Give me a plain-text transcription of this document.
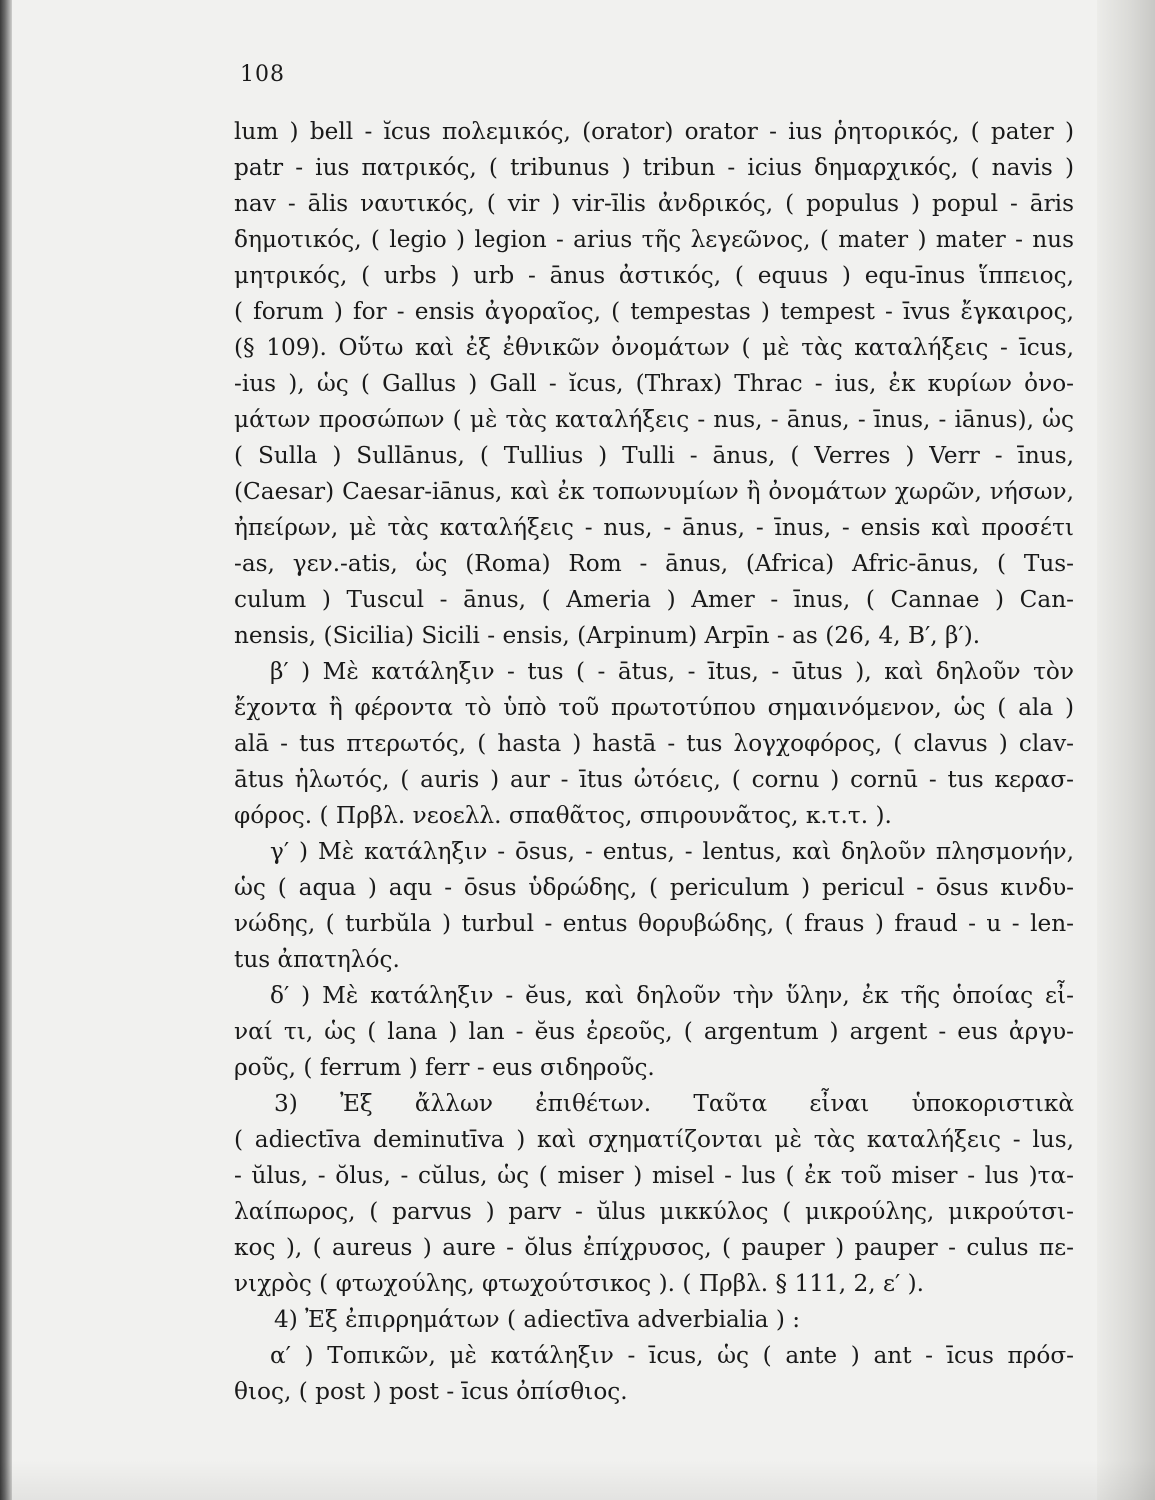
108
lum ) bell - ĭcus πολεμικός, (orator) orator - ius ῥητορικός, ( pater )
patr - ius πατρικός, ( tribunus ) tribun - icius δημαρχικός, ( navis )
nav - ālis ναυτικός, ( vir ) vir-īlis ἀνδρικός, ( populus ) popul - āris
δημοτικός, ( legio ) legion - arius τῆς λεγεῶνος, ( mater ) mater - nus
μητρικός, ( urbs ) urb - ānus ἀστικός, ( equus ) equ-īnus ἵππειος,
( forum ) for - ensis ἀγοραῖος, ( tempestas ) tempest - īvus ἔγκαιρος,
(§ 109). Οὕτω καὶ ἐξ ἐθνικῶν ὀνομάτων ( μὲ τὰς καταλήξεις - īcus,
-ius ), ὡς ( Gallus ) Gall - ĭcus, (Thrax) Thrac - ius, ἐκ κυρίων ὀνο-
μάτων προσώπων ( μὲ τὰς καταλήξεις - nus, - ānus, - īnus, - iānus), ὡς
( Sulla ) Sullānus, ( Tullius ) Tulli - ānus, ( Verres ) Verr - īnus,
(Caesar) Caesar-iānus, καὶ ἐκ τοπωνυμίων ἢ ὀνομάτων χωρῶν, νήσων,
ἠπείρων, μὲ τὰς καταλήξεις - nus, - ānus, - īnus, - ensis καὶ προσέτι
-as, γεν.-atis, ὡς (Roma) Rom - ānus, (Africa) Afric-ānus, ( Tus-
culum ) Tuscul - ānus, ( Ameria ) Amer - īnus, ( Cannae ) Can-
nensis, (Sicilia) Sicili - ensis, (Arpinum) Arpīn - as (26, 4, Β′, β′).
β′ ) Μὲ κατάληξιν - tus ( - ātus, - ītus, - ūtus ), καὶ δηλοῦν τὸν
ἔχοντα ἢ φέροντα τὸ ὑπὸ τοῦ πρωτοτύπου σημαινόμενον, ὡς ( ala )
alā - tus πτερωτός, ( hasta ) hastā - tus λογχοφόρος, ( clavus ) clav-
ātus ἡλωτός, ( auris ) aur - ītus ὠτόεις, ( cornu ) cornū - tus κερασ-
φόρος. ( Πρβλ. νεοελλ. σπαθᾶτος, σπιρουνᾶτος, κ.τ.τ. ).
γ′ ) Μὲ κατάληξιν - ōsus, - entus, - lentus, καὶ δηλοῦν πλησμονήν,
ὡς ( aqua ) aqu - ōsus ὑδρώδης, ( periculum ) pericul - ōsus κινδυ-
νώδης, ( turbŭla ) turbul - entus θορυβώδης, ( fraus ) fraud - u - len-
tus ἀπατηλός.
δ′ ) Μὲ κατάληξιν - ĕus, καὶ δηλοῦν τὴν ὕλην, ἐκ τῆς ὁποίας εἶ-
ναί τι, ὡς ( lana ) lan - ĕus ἐρεοῦς, ( argentum ) argent - eus ἀργυ-
ροῦς, ( ferrum ) ferr - eus σιδηροῦς.
3) Ἐξ ἄλλων ἐπιθέτων. Ταῦτα εἶναι ὑποκοριστικὰ
( adiectīva deminutīva ) καὶ σχηματίζονται μὲ τὰς καταλήξεις - lus,
- ŭlus, - ŏlus, - cŭlus, ὡς ( miser ) misel - lus ( ἐκ τοῦ miser - lus )τα-
λαίπωρος, ( parvus ) parv - ŭlus μικκύλος ( μικρούλης, μικρούτσι-
κος ), ( aureus ) aure - ŏlus ἐπίχρυσος, ( pauper ) pauper - culus πε-
νιχρὸς ( φτωχούλης, φτωχούτσικος ). ( Πρβλ. § 111, 2, ε′ ).
4) Ἐξ ἐπιρρημάτων ( adiectīva adverbialia ) :
α′ ) Τοπικῶν, μὲ κατάληξιν - īcus, ὡς ( ante ) ant - īcus πρόσ-
θιος, ( post ) post - īcus ὀπίσθιος.
